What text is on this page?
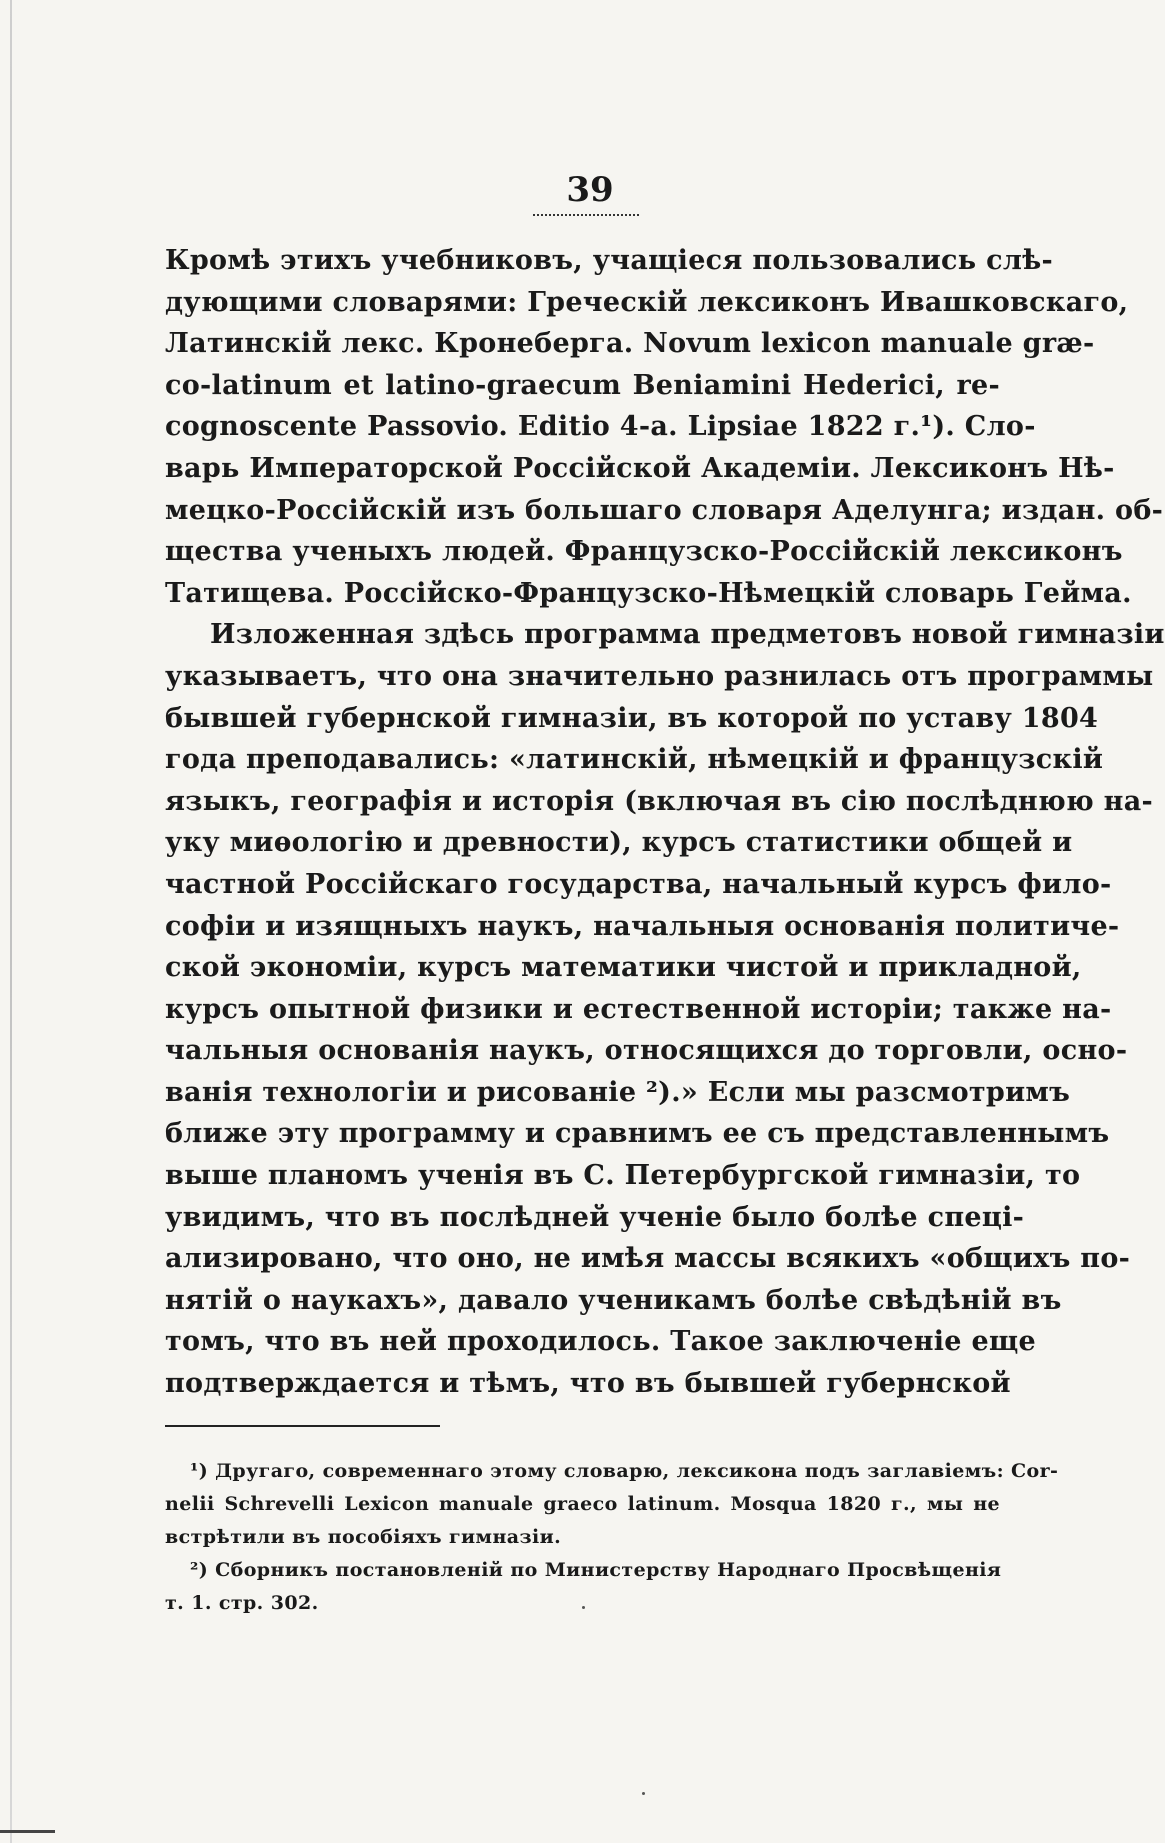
39
Кромѣ этихъ учебниковъ, учащіеся пользовались слѣ-
дующими словарями: Греческій лексиконъ Ивашковскаго,
Латинскій лекс. Кронеберга. Novum lexicon manuale græ-
co-latinum et latino-graecum Beniamini Hederici, re-
cognoscente Passovio. Editio 4-a. Lipsiae 1822 г.¹). Сло-
варь Императорской Россійской Академіи. Лексиконъ Нѣ-
мецко-Россійскій изъ большаго словаря Аделунга; издан. об-
щества ученыхъ людей. Французско-Россійскій лексиконъ
Татищева. Россійско-Французско-Нѣмецкій словарь Гейма.
Изложенная здѣсь программа предметовъ новой гимназіи
указываетъ, что она значительно разнилась отъ программы
бывшей губернской гимназіи, въ которой по уставу 1804
года преподавались: «латинскій, нѣмецкій и французскій
языкъ, географія и исторія (включая въ сію послѣднюю на-
уку миѳологію и древности), курсъ статистики общей и
частной Россійскаго государства, начальный курсъ фило-
софіи и изящныхъ наукъ, начальныя основанія политиче-
ской экономіи, курсъ математики чистой и прикладной,
курсъ опытной физики и естественной исторіи; также на-
чальныя основанія наукъ, относящихся до торговли, осно-
ванія технологіи и рисованіе ²).» Если мы разсмотримъ
ближе эту программу и сравнимъ ее съ представленнымъ
выше планомъ ученія въ С. Петербургской гимназіи, то
увидимъ, что въ послѣдней ученіе было болѣе спеці-
ализировано, что оно, не имѣя массы всякихъ «общихъ по-
нятій о наукахъ», давало ученикамъ болѣе свѣдѣній въ
томъ, что въ ней проходилось. Такое заключеніе еще
подтверждается и тѣмъ, что въ бывшей губернской
¹) Другаго, современнаго этому словарю, лексикона подъ заглавіемъ: Cor-
nelii Schrevelli Lexicon manuale graeco latinum. Mosqua 1820 г., мы не
встрѣтили въ пособіяхъ гимназіи.
²) Сборникъ постановленій по Министерству Народнаго Просвѣщенія
т. 1. стр. 302.
